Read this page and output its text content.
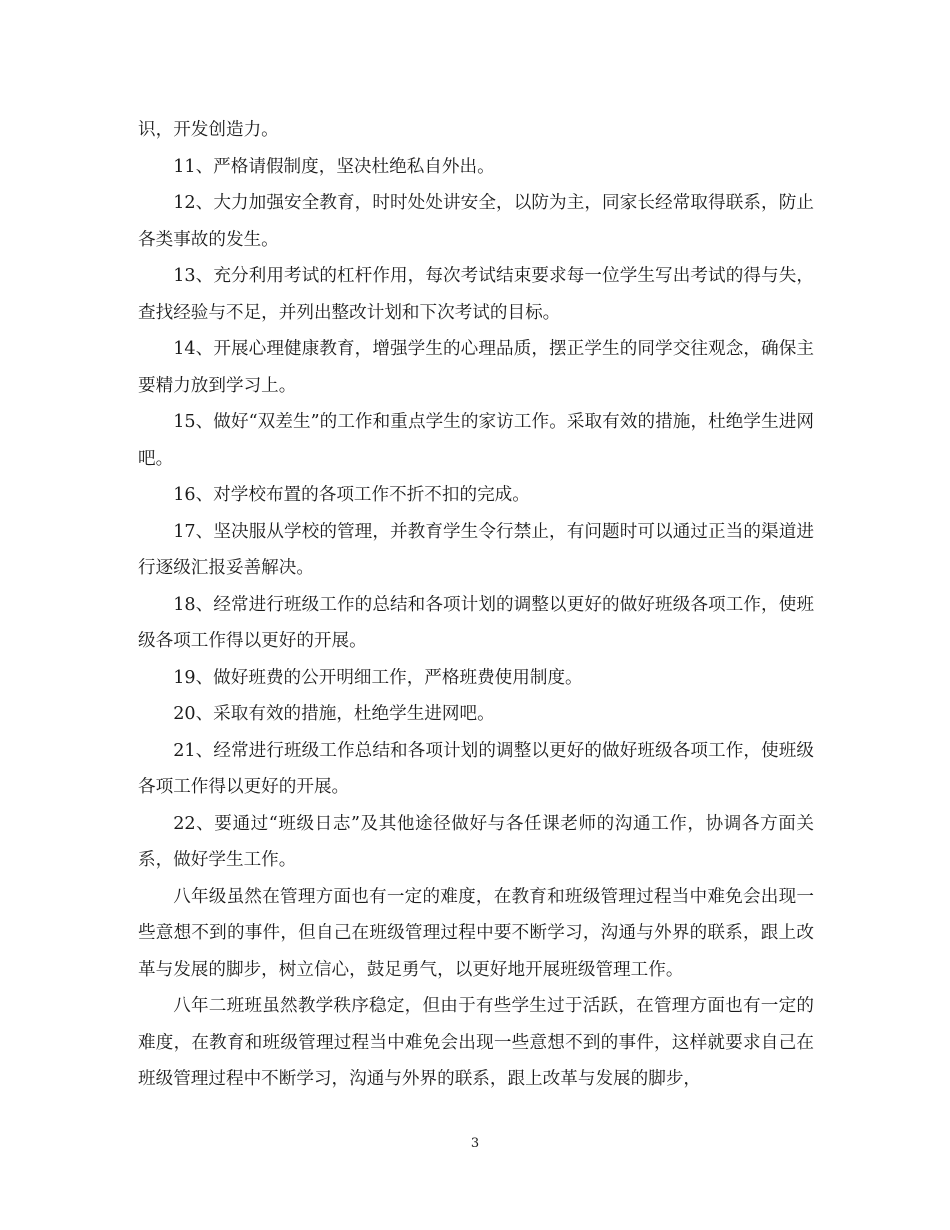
识，开发创造力。

11、严格请假制度，坚决杜绝私自外出。

12、大力加强安全教育，时时处处讲安全，以防为主，同家长经常取得联系，防止各类事故的发生。

13、充分利用考试的杠杆作用，每次考试结束要求每一位学生写出考试的得与失，查找经验与不足，并列出整改计划和下次考试的目标。

14、开展心理健康教育，增强学生的心理品质，摆正学生的同学交往观念，确保主要精力放到学习上。

15、做好“双差生”的工作和重点学生的家访工作。采取有效的措施，杜绝学生进网吧。

16、对学校布置的各项工作不折不扣的完成。

17、坚决服从学校的管理，并教育学生令行禁止，有问题时可以通过正当的渠道进行逐级汇报妥善解决。

18、经常进行班级工作的总结和各项计划的调整以更好的做好班级各项工作，使班级各项工作得以更好的开展。

19、做好班费的公开明细工作，严格班费使用制度。

20、采取有效的措施，杜绝学生进网吧。

21、经常进行班级工作总结和各项计划的调整以更好的做好班级各项工作，使班级各项工作得以更好的开展。

22、要通过“班级日志”及其他途径做好与各任课老师的沟通工作，协调各方面关系，做好学生工作。

八年级虽然在管理方面也有一定的难度，在教育和班级管理过程当中难免会出现一些意想不到的事件，但自己在班级管理过程中要不断学习，沟通与外界的联系，跟上改革与发展的脚步，树立信心，鼓足勇气，以更好地开展班级管理工作。

八年二班班虽然教学秩序稳定，但由于有些学生过于活跃，在管理方面也有一定的难度，在教育和班级管理过程当中难免会出现一些意想不到的事件，这样就要求自己在班级管理过程中不断学习，沟通与外界的联系，跟上改革与发展的脚步，

3
